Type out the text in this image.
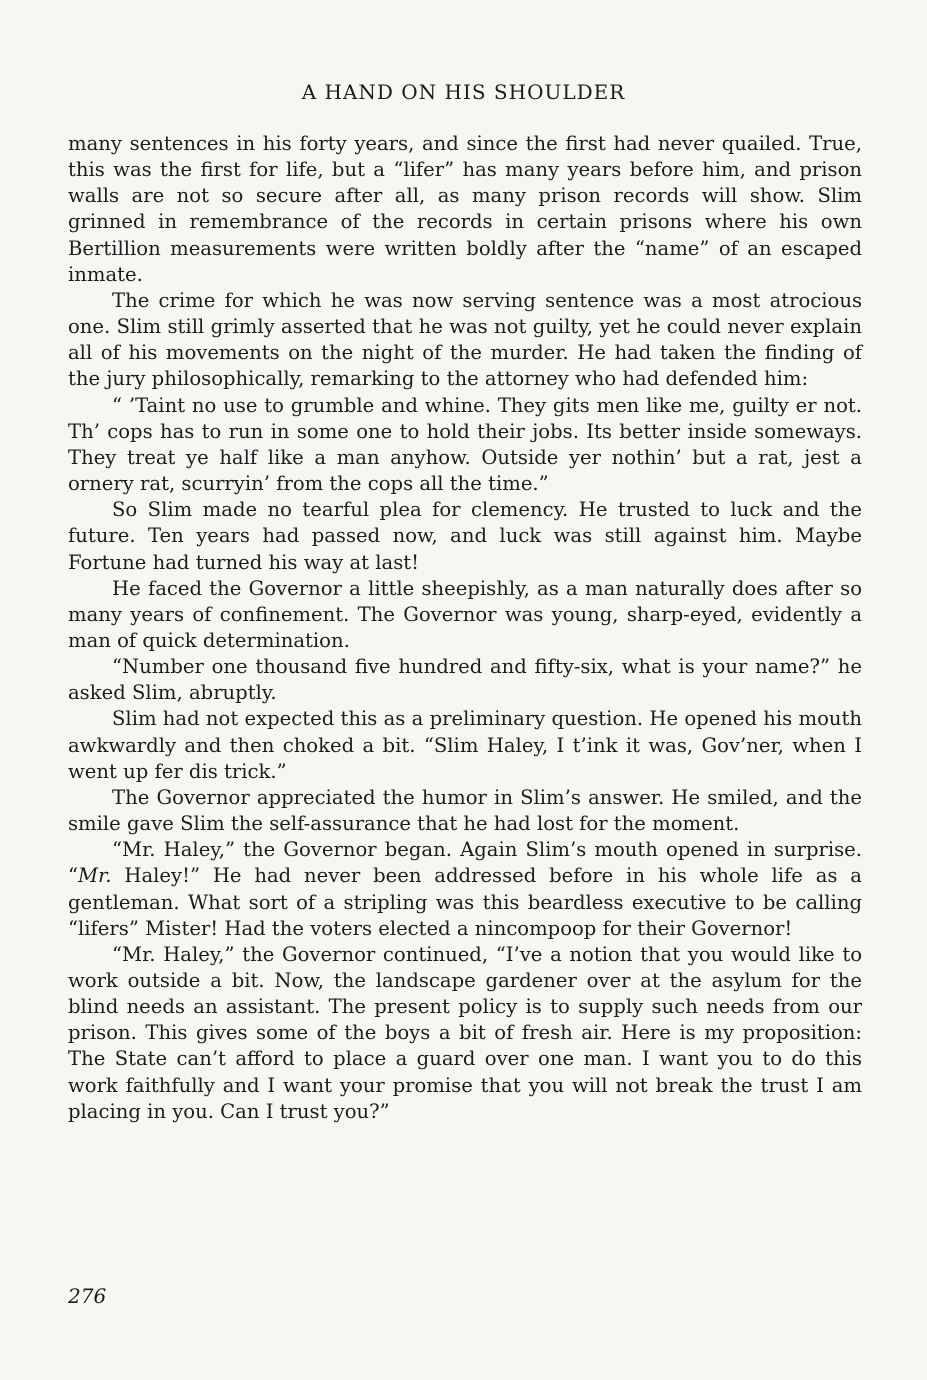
A HAND ON HIS SHOULDER

many sentences in his forty years, and since the first had never quailed. True, this was the first for life, but a “lifer” has many years before him, and prison walls are not so secure after all, as many prison records will show. Slim grinned in remembrance of the records in certain prisons where his own Bertillion measurements were written boldly after the “name” of an escaped inmate.

The crime for which he was now serving sentence was a most atrocious one. Slim still grimly asserted that he was not guilty, yet he could never explain all of his movements on the night of the murder. He had taken the finding of the jury philosophically, remarking to the attorney who had defended him:

“ ’Taint no use to grumble and whine. They gits men like me, guilty er not. Th’ cops has to run in some one to hold their jobs. Its better inside someways. They treat ye half like a man anyhow. Outside yer nothin’ but a rat, jest a ornery rat, scurryin’ from the cops all the time.”

So Slim made no tearful plea for clemency. He trusted to luck and the future. Ten years had passed now, and luck was still against him. Maybe Fortune had turned his way at last!

He faced the Governor a little sheepishly, as a man naturally does after so many years of confinement. The Governor was young, sharp-eyed, evidently a man of quick determination.

“Number one thousand five hundred and fifty-six, what is your name?” he asked Slim, abruptly.

Slim had not expected this as a preliminary question. He opened his mouth awkwardly and then choked a bit. “Slim Haley, I t’ink it was, Gov’ner, when I went up fer dis trick.”

The Governor appreciated the humor in Slim’s answer. He smiled, and the smile gave Slim the self-assurance that he had lost for the moment.

“Mr. Haley,” the Governor began. Again Slim’s mouth opened in surprise. “Mr. Haley!” He had never been addressed before in his whole life as a gentleman. What sort of a stripling was this beardless executive to be calling “lifers” Mister! Had the voters elected a nincompoop for their Governor!

“Mr. Haley,” the Governor continued, “I’ve a notion that you would like to work outside a bit. Now, the landscape gardener over at the asylum for the blind needs an assistant. The present policy is to supply such needs from our prison. This gives some of the boys a bit of fresh air. Here is my proposition: The State can’t afford to place a guard over one man. I want you to do this work faithfully and I want your promise that you will not break the trust I am placing in you. Can I trust you?”

276
